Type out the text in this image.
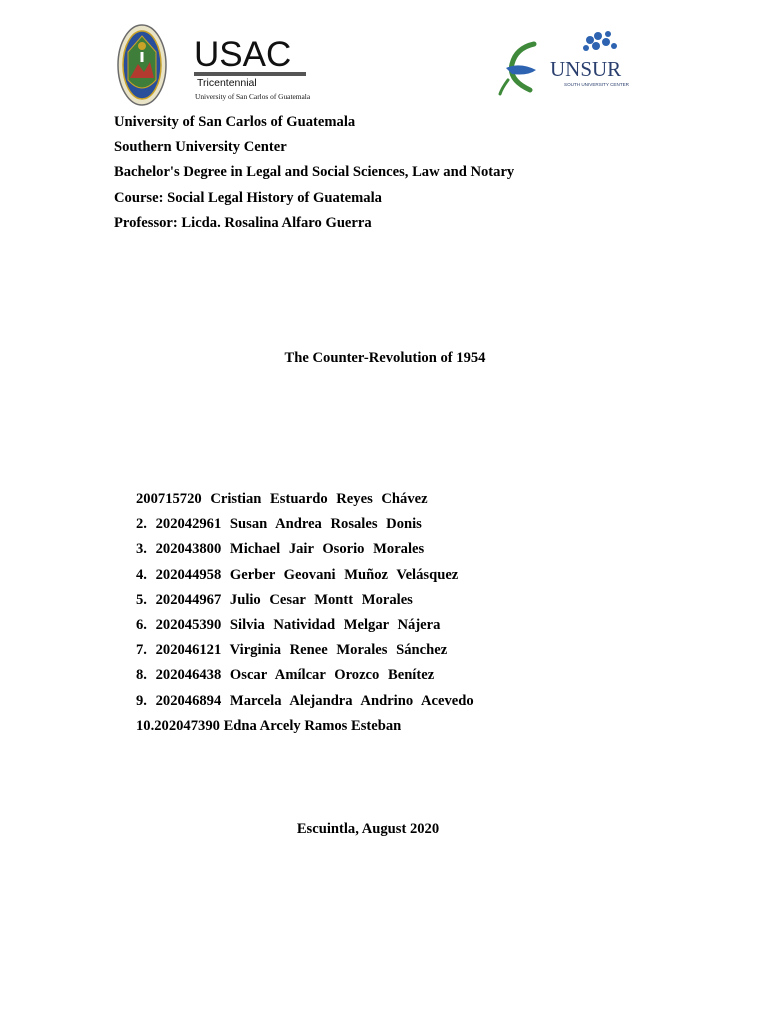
USAC
Tricentennial
University of San Carlos of Guatemala
UNSUR
SOUTH UNIVERSITY CENTER
University of San Carlos of Guatemala
Southern University Center
Bachelor's Degree in Legal and Social Sciences, Law and Notary
Course: Social Legal History of Guatemala
Professor: Licda. Rosalina Alfaro Guerra
The Counter-Revolution of 1954
200715720 Cristian Estuardo Reyes Chávez
2. 202042961 Susan Andrea Rosales Donis
3. 202043800 Michael Jair Osorio Morales
4. 202044958 Gerber Geovani Muñoz Velásquez
5. 202044967 Julio Cesar Montt Morales
6. 202045390 Silvia Natividad Melgar Nájera
7. 202046121 Virginia Renee Morales Sánchez
8. 202046438 Oscar Amílcar Orozco Benítez
9. 202046894 Marcela Alejandra Andrino Acevedo
10.202047390 Edna Arcely Ramos Esteban
Escuintla, August 2020
